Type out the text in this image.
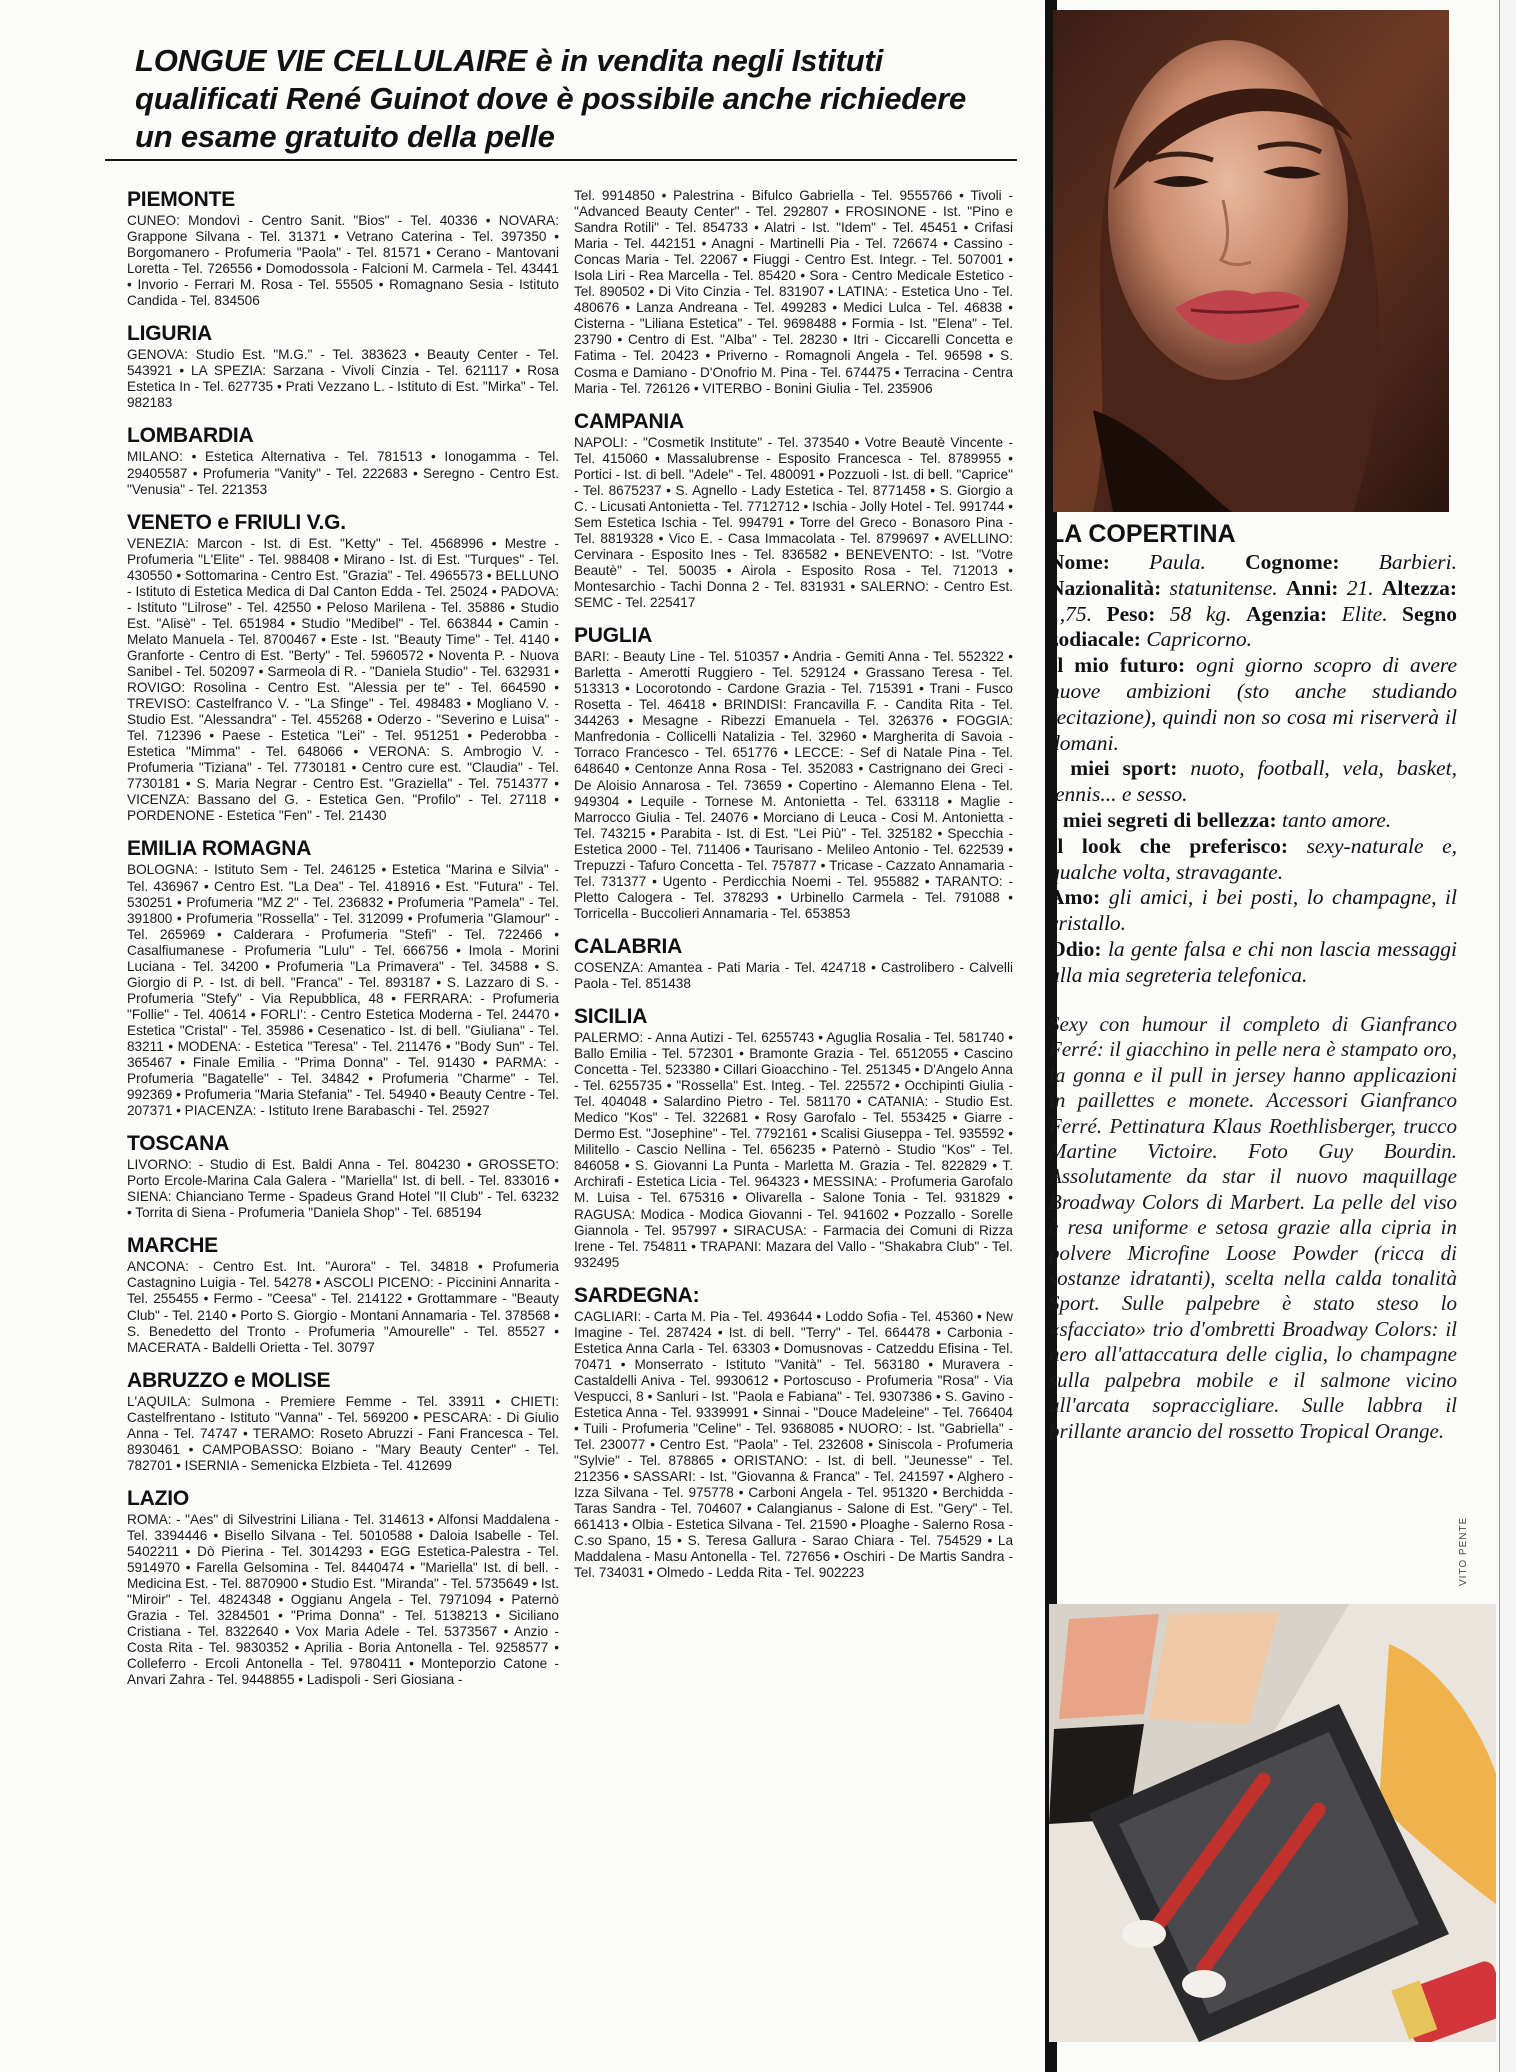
LONGUE VIE CELLULAIRE è in vendita negli Istituti qualificati René Guinot dove è possibile anche richiedere un esame gratuito della pelle

PIEMONTE

CUNEO: Mondovì - Centro Sanit. "Bios" - Tel. 40336 • NOVARA: Grappone Silvana - Tel. 31371 • Vetrano Caterina - Tel. 397350 • Borgomanero - Profumeria "Paola" - Tel. 81571 • Cerano - Mantovani Loretta - Tel. 726556 • Domodossola - Falcioni M. Carmela - Tel. 43441 • Invorio - Ferrari M. Rosa - Tel. 55505 • Romagnano Sesia - Istituto Candida - Tel. 834506

LIGURIA

GENOVA: Studio Est. "M.G." - Tel. 383623 • Beauty Center - Tel. 543921 • LA SPEZIA: Sarzana - Vivoli Cinzia - Tel. 621117 • Rosa Estetica In - Tel. 627735 • Prati Vezzano L. - Istituto di Est. "Mirka" - Tel. 982183

LOMBARDIA

MILANO: • Estetica Alternativa - Tel. 781513 • Ionogamma - Tel. 29405587 • Profumeria "Vanity" - Tel. 222683 • Seregno - Centro Est. "Venusia" - Tel. 221353

VENETO e FRIULI V.G.

VENEZIA: Marcon - Ist. di Est. "Ketty" - Tel. 4568996 • Mestre - Profumeria "L'Elite" - Tel. 988408 • Mirano - Ist. di Est. "Turques" - Tel. 430550 • Sottomarina - Centro Est. "Grazia" - Tel. 4965573 • BELLUNO - Istituto di Estetica Medica di Dal Canton Edda - Tel. 25024 • PADOVA: - Istituto "Lilrose" - Tel. 42550 • Peloso Marilena - Tel. 35886 • Studio Est. "Alisè" - Tel. 651984 • Studio "Medibel" - Tel. 663844 • Camin - Melato Manuela - Tel. 8700467 • Este - Ist. "Beauty Time" - Tel. 4140 • Granforte - Centro di Est. "Berty" - Tel. 5960572 • Noventa P. - Nuova Sanibel - Tel. 502097 • Sarmeola di R. - "Daniela Studio" - Tel. 632931 • ROVIGO: Rosolina - Centro Est. "Alessia per te" - Tel. 664590 • TREVISO: Castelfranco V. - "La Sfinge" - Tel. 498483 • Mogliano V. - Studio Est. "Alessandra" - Tel. 455268 • Oderzo - "Severino e Luisa" - Tel. 712396 • Paese - Estetica "Lei" - Tel. 951251 • Pederobba - Estetica "Mimma" - Tel. 648066 • VERONA: S. Ambrogio V. - Profumeria "Tiziana" - Tel. 7730181 • Centro cure est. "Claudia" - Tel. 7730181 • S. Maria Negrar - Centro Est. "Graziella" - Tel. 7514377 • VICENZA: Bassano del G. - Estetica Gen. "Profilo" - Tel. 27118 • PORDENONE - Estetica "Fen" - Tel. 21430

EMILIA ROMAGNA

BOLOGNA: - Istituto Sem - Tel. 246125 • Estetica "Marina e Silvia" - Tel. 436967 • Centro Est. "La Dea" - Tel. 418916 • Est. "Futura" - Tel. 530251 • Profumeria "MZ 2" - Tel. 236832 • Profumeria "Pamela" - Tel. 391800 • Profumeria "Rossella" - Tel. 312099 • Profumeria "Glamour" - Tel. 265969 • Calderara - Profumeria "Stefi" - Tel. 722466 • Casalfiumanese - Profumeria "Lulu" - Tel. 666756 • Imola - Morini Luciana - Tel. 34200 • Profumeria "La Primavera" - Tel. 34588 • S. Giorgio di P. - Ist. di bell. "Franca" - Tel. 893187 • S. Lazzaro di S. - Profumeria "Stefy" - Via Repubblica, 48 • FERRARA: - Profumeria "Follie" - Tel. 40614 • FORLI': - Centro Estetica Moderna - Tel. 24470 • Estetica "Cristal" - Tel. 35986 • Cesenatico - Ist. di bell. "Giuliana" - Tel. 83211 • MODENA: - Estetica "Teresa" - Tel. 211476 • "Body Sun" - Tel. 365467 • Finale Emilia - "Prima Donna" - Tel. 91430 • PARMA: - Profumeria "Bagatelle" - Tel. 34842 • Profumeria "Charme" - Tel. 992369 • Profumeria "Maria Stefania" - Tel. 54940 • Beauty Centre - Tel. 207371 • PIACENZA: - Istituto Irene Barabaschi - Tel. 25927

TOSCANA

LIVORNO: - Studio di Est. Baldi Anna - Tel. 804230 • GROSSETO: Porto Ercole-Marina Cala Galera - "Mariella" Ist. di bell. - Tel. 833016 • SIENA: Chianciano Terme - Spadeus Grand Hotel "Il Club" - Tel. 63232 • Torrita di Siena - Profumeria "Daniela Shop" - Tel. 685194

MARCHE

ANCONA: - Centro Est. Int. "Aurora" - Tel. 34818 • Profumeria Castagnino Luigia - Tel. 54278 • ASCOLI PICENO: - Piccinini Annarita - Tel. 255455 • Fermo - "Ceesa" - Tel. 214122 • Grottammare - "Beauty Club" - Tel. 2140 • Porto S. Giorgio - Montani Annamaria - Tel. 378568 • S. Benedetto del Tronto - Profumeria "Amourelle" - Tel. 85527 • MACERATA - Baldelli Orietta - Tel. 30797

ABRUZZO e MOLISE

L'AQUILA: Sulmona - Premiere Femme - Tel. 33911 • CHIETI: Castelfrentano - Istituto "Vanna" - Tel. 569200 • PESCARA: - Di Giulio Anna - Tel. 74747 • TERAMO: Roseto Abruzzi - Fani Francesca - Tel. 8930461 • CAMPOBASSO: Boiano - "Mary Beauty Center" - Tel. 782701 • ISERNIA - Semenicka Elzbieta - Tel. 412699

LAZIO

ROMA: - "Aes" di Silvestrini Liliana - Tel. 314613 • Alfonsi Maddalena - Tel. 3394446 • Bisello Silvana - Tel. 5010588 • Daloia Isabelle - Tel. 5402211 • Dò Pierina - Tel. 3014293 • EGG Estetica-Palestra - Tel. 5914970 • Farella Gelsomina - Tel. 8440474 • "Mariella" Ist. di bell. - Medicina Est. - Tel. 8870900 • Studio Est. "Miranda" - Tel. 5735649 • Ist. "Miroir" - Tel. 4824348 • Oggianu Angela - Tel. 7971094 • Paternò Grazia - Tel. 3284501 • "Prima Donna" - Tel. 5138213 • Siciliano Cristiana - Tel. 8322640 • Vox Maria Adele - Tel. 5373567 • Anzio - Costa Rita - Tel. 9830352 • Aprilia - Boria Antonella - Tel. 9258577 • Colleferro - Ercoli Antonella - Tel. 9780411 • Monteporzio Catone - Anvari Zahra - Tel. 9448855 • Ladispoli - Seri Giosiana -

Tel. 9914850 • Palestrina - Bifulco Gabriella - Tel. 9555766 • Tivoli - "Advanced Beauty Center" - Tel. 292807 • FROSINONE - Ist. "Pino e Sandra Rotili" - Tel. 854733 • Alatri - Ist. "Idem" - Tel. 45451 • Crifasi Maria - Tel. 442151 • Anagni - Martinelli Pia - Tel. 726674 • Cassino - Concas Maria - Tel. 22067 • Fiuggi - Centro Est. Integr. - Tel. 507001 • Isola Liri - Rea Marcella - Tel. 85420 • Sora - Centro Medicale Estetico - Tel. 890502 • Di Vito Cinzia - Tel. 831907 • LATINA: - Estetica Uno - Tel. 480676 • Lanza Andreana - Tel. 499283 • Medici Lulca - Tel. 46838 • Cisterna - "Liliana Estetica" - Tel. 9698488 • Formia - Ist. "Elena" - Tel. 23790 • Centro di Est. "Alba" - Tel. 28230 • Itri - Ciccarelli Concetta e Fatima - Tel. 20423 • Priverno - Romagnoli Angela - Tel. 96598 • S. Cosma e Damiano - D'Onofrio M. Pina - Tel. 674475 • Terracina - Centra Maria - Tel. 726126 • VITERBO - Bonini Giulia - Tel. 235906

CAMPANIA

NAPOLI: - "Cosmetik Institute" - Tel. 373540 • Votre Beautè Vincente - Tel. 415060 • Massalubrense - Esposito Francesca - Tel. 8789955 • Portici - Ist. di bell. "Adele" - Tel. 480091 • Pozzuoli - Ist. di bell. "Caprice" - Tel. 8675237 • S. Agnello - Lady Estetica - Tel. 8771458 • S. Giorgio a C. - Licusati Antonietta - Tel. 7712712 • Ischia - Jolly Hotel - Tel. 991744 • Sem Estetica Ischia - Tel. 994791 • Torre del Greco - Bonasoro Pina - Tel. 8819328 • Vico E. - Casa Immacolata - Tel. 8799697 • AVELLINO: Cervinara - Esposito Ines - Tel. 836582 • BENEVENTO: - Ist. "Votre Beautè" - Tel. 50035 • Airola - Esposito Rosa - Tel. 712013 • Montesarchio - Tachi Donna 2 - Tel. 831931 • SALERNO: - Centro Est. SEMC - Tel. 225417

PUGLIA

BARI: - Beauty Line - Tel. 510357 • Andria - Gemiti Anna - Tel. 552322 • Barletta - Amerotti Ruggiero - Tel. 529124 • Grassano Teresa - Tel. 513313 • Locorotondo - Cardone Grazia - Tel. 715391 • Trani - Fusco Rosetta - Tel. 46418 • BRINDISI: Francavilla F. - Candita Rita - Tel. 344263 • Mesagne - Ribezzi Emanuela - Tel. 326376 • FOGGIA: Manfredonia - Collicelli Natalizia - Tel. 32960 • Margherita di Savoia - Torraco Francesco - Tel. 651776 • LECCE: - Sef di Natale Pina - Tel. 648640 • Centonze Anna Rosa - Tel. 352083 • Castrignano dei Greci - De Aloisio Annarosa - Tel. 73659 • Copertino - Alemanno Elena - Tel. 949304 • Lequile - Tornese M. Antonietta - Tel. 633118 • Maglie - Marrocco Giulia - Tel. 24076 • Morciano di Leuca - Cosi M. Antonietta - Tel. 743215 • Parabita - Ist. di Est. "Lei Più" - Tel. 325182 • Specchia - Estetica 2000 - Tel. 711406 • Taurisano - Melileo Antonio - Tel. 622539 • Trepuzzi - Tafuro Concetta - Tel. 757877 • Tricase - Cazzato Annamaria - Tel. 731377 • Ugento - Perdicchia Noemi - Tel. 955882 • TARANTO: - Pletto Calogera - Tel. 378293 • Urbinello Carmela - Tel. 791088 • Torricella - Buccolieri Annamaria - Tel. 653853

CALABRIA

COSENZA: Amantea - Pati Maria - Tel. 424718 • Castrolibero - Calvelli Paola - Tel. 851438

SICILIA

PALERMO: - Anna Autizi - Tel. 6255743 • Aguglia Rosalia - Tel. 581740 • Ballo Emilia - Tel. 572301 • Bramonte Grazia - Tel. 6512055 • Cascino Concetta - Tel. 523380 • Cillari Gioacchino - Tel. 251345 • D'Angelo Anna - Tel. 6255735 • "Rossella" Est. Integ. - Tel. 225572 • Occhipinti Giulia - Tel. 404048 • Salardino Pietro - Tel. 581170 • CATANIA: - Studio Est. Medico "Kos" - Tel. 322681 • Rosy Garofalo - Tel. 553425 • Giarre - Dermo Est. "Josephine" - Tel. 7792161 • Scalisi Giuseppa - Tel. 935592 • Militello - Cascio Nellina - Tel. 656235 • Paternò - Studio "Kos" - Tel. 846058 • S. Giovanni La Punta - Marletta M. Grazia - Tel. 822829 • T. Archirafi - Estetica Licia - Tel. 964323 • MESSINA: - Profumeria Garofalo M. Luisa - Tel. 675316 • Olivarella - Salone Tonia - Tel. 931829 • RAGUSA: Modica - Modica Giovanni - Tel. 941602 • Pozzallo - Sorelle Giannola - Tel. 957997 • SIRACUSA: - Farmacia dei Comuni di Rizza Irene - Tel. 754811 • TRAPANI: Mazara del Vallo - "Shakabra Club" - Tel. 932495

SARDEGNA:

CAGLIARI: - Carta M. Pia - Tel. 493644 • Loddo Sofia - Tel. 45360 • New Imagine - Tel. 287424 • Ist. di bell. "Terry" - Tel. 664478 • Carbonia - Estetica Anna Carla - Tel. 63303 • Domusnovas - Catzeddu Efisina - Tel. 70471 • Monserrato - Istituto "Vanità" - Tel. 563180 • Muravera - Castaldelli Aniva - Tel. 9930612 • Portoscuso - Profumeria "Rosa" - Via Vespucci, 8 • Sanluri - Ist. "Paola e Fabiana" - Tel. 9307386 • S. Gavino - Estetica Anna - Tel. 9339991 • Sinnai - "Douce Madeleine" - Tel. 766404 • Tuili - Profumeria "Celine" - Tel. 9368085 • NUORO: - Ist. "Gabriella" - Tel. 230077 • Centro Est. "Paola" - Tel. 232608 • Siniscola - Profumeria "Sylvie" - Tel. 878865 • ORISTANO: - Ist. di bell. "Jeunesse" - Tel. 212356 • SASSARI: - Ist. "Giovanna & Franca" - Tel. 241597 • Alghero - Izza Silvana - Tel. 975778 • Carboni Angela - Tel. 951320 • Berchidda - Taras Sandra - Tel. 704607 • Calangianus - Salone di Est. "Gery" - Tel. 661413 • Olbia - Estetica Silvana - Tel. 21590 • Ploaghe - Salerno Rosa - C.so Spano, 15 • S. Teresa Gallura - Sarao Chiara - Tel. 754529 • La Maddalena - Masu Antonella - Tel. 727656 • Oschiri - De Martis Sandra - Tel. 734031 • Olmedo - Ledda Rita - Tel. 902223

LA COPERTINA

Nome: Paula. Cognome: Barbieri. Nazionalità: statunitense. Anni: 21. Altezza: 1,75. Peso: 58 kg. Agenzia: Elite. Segno zodiacale: Capricorno.

Il mio futuro: ogni giorno scopro di avere nuove ambizioni (sto anche studiando recitazione), quindi non so cosa mi riserverà il domani.

I miei sport: nuoto, football, vela, basket, tennis... e sesso.

I miei segreti di bellezza: tanto amore.

Il look che preferisco: sexy-naturale e, qualche volta, stravagante.

Amo: gli amici, i bei posti, lo champagne, il cristallo.

Odio: la gente falsa e chi non lascia messaggi alla mia segreteria telefonica.

Sexy con humour il completo di Gianfranco Ferré: il giacchino in pelle nera è stampato oro, la gonna e il pull in jersey hanno applicazioni in paillettes e monete. Accessori Gianfranco Ferré. Pettinatura Klaus Roethlisberger, trucco Martine Victoire. Foto Guy Bourdin. Assolutamente da star il nuovo maquillage Broadway Colors di Marbert. La pelle del viso è resa uniforme e setosa grazie alla cipria in polvere Microfine Loose Powder (ricca di sostanze idratanti), scelta nella calda tonalità Sport. Sulle palpebre è stato steso lo «sfacciato» trio d'ombretti Broadway Colors: il nero all'attaccatura delle ciglia, lo champagne sulla palpebra mobile e il salmone vicino all'arcata sopraccigliare. Sulle labbra il brillante arancio del rossetto Tropical Orange.
VITO PENTE
